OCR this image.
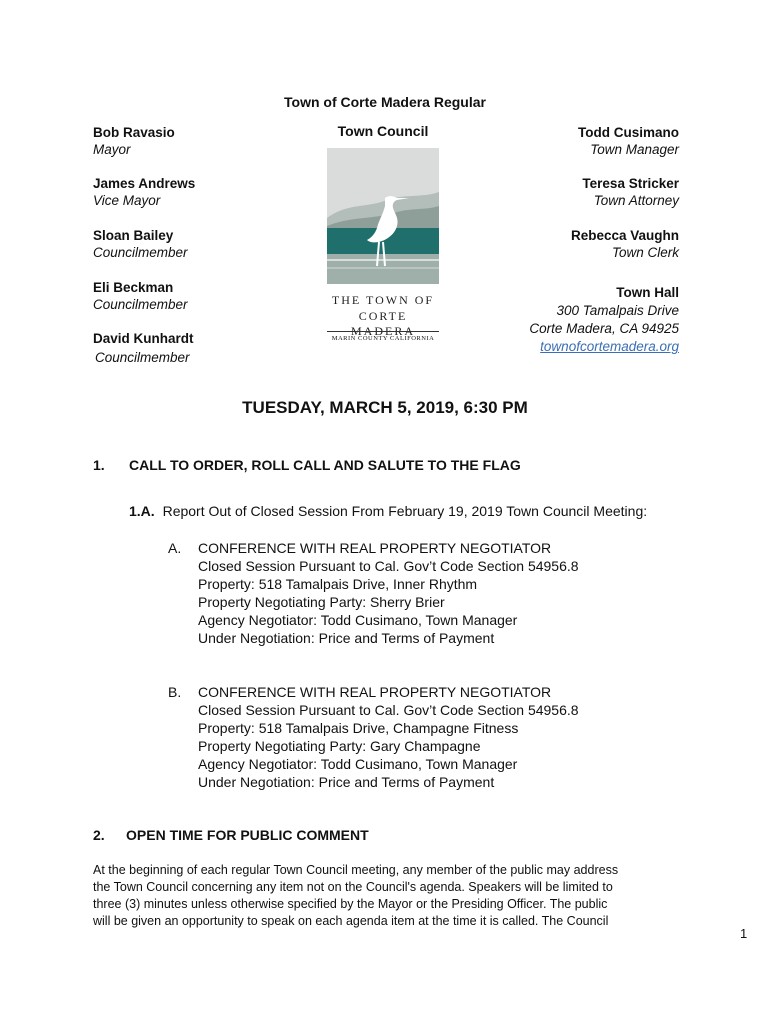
Town of Corte Madera Regular
Town Council
Bob Ravasio
Mayor
James Andrews
Vice Mayor
Sloan Bailey
Councilmember
Eli Beckman
Councilmember
David Kunhardt
Councilmember
Todd Cusimano
Town Manager
Teresa Stricker
Town Attorney
Rebecca Vaughn
Town Clerk
Town Hall
300 Tamalpais Drive
Corte Madera, CA 94925
townofcortemadera.org
THE TOWN OF
CORTE MADERA
MARIN COUNTY CALIFORNIA
TUESDAY, MARCH 5, 2019, 6:30 PM
1. CALL TO ORDER, ROLL CALL AND SALUTE TO THE FLAG
1.A. Report Out of Closed Session From February 19, 2019 Town Council Meeting:
A. CONFERENCE WITH REAL PROPERTY NEGOTIATOR
Closed Session Pursuant to Cal. Gov’t Code Section 54956.8
Property: 518 Tamalpais Drive, Inner Rhythm
Property Negotiating Party: Sherry Brier
Agency Negotiator: Todd Cusimano, Town Manager
Under Negotiation: Price and Terms of Payment
B. CONFERENCE WITH REAL PROPERTY NEGOTIATOR
Closed Session Pursuant to Cal. Gov’t Code Section 54956.8
Property: 518 Tamalpais Drive, Champagne Fitness
Property Negotiating Party: Gary Champagne
Agency Negotiator: Todd Cusimano, Town Manager
Under Negotiation: Price and Terms of Payment
2. OPEN TIME FOR PUBLIC COMMENT
At the beginning of each regular Town Council meeting, any member of the public may address
the Town Council concerning any item not on the Council's agenda. Speakers will be limited to
three (3) minutes unless otherwise specified by the Mayor or the Presiding Officer. The public
will be given an opportunity to speak on each agenda item at the time it is called. The Council
1
